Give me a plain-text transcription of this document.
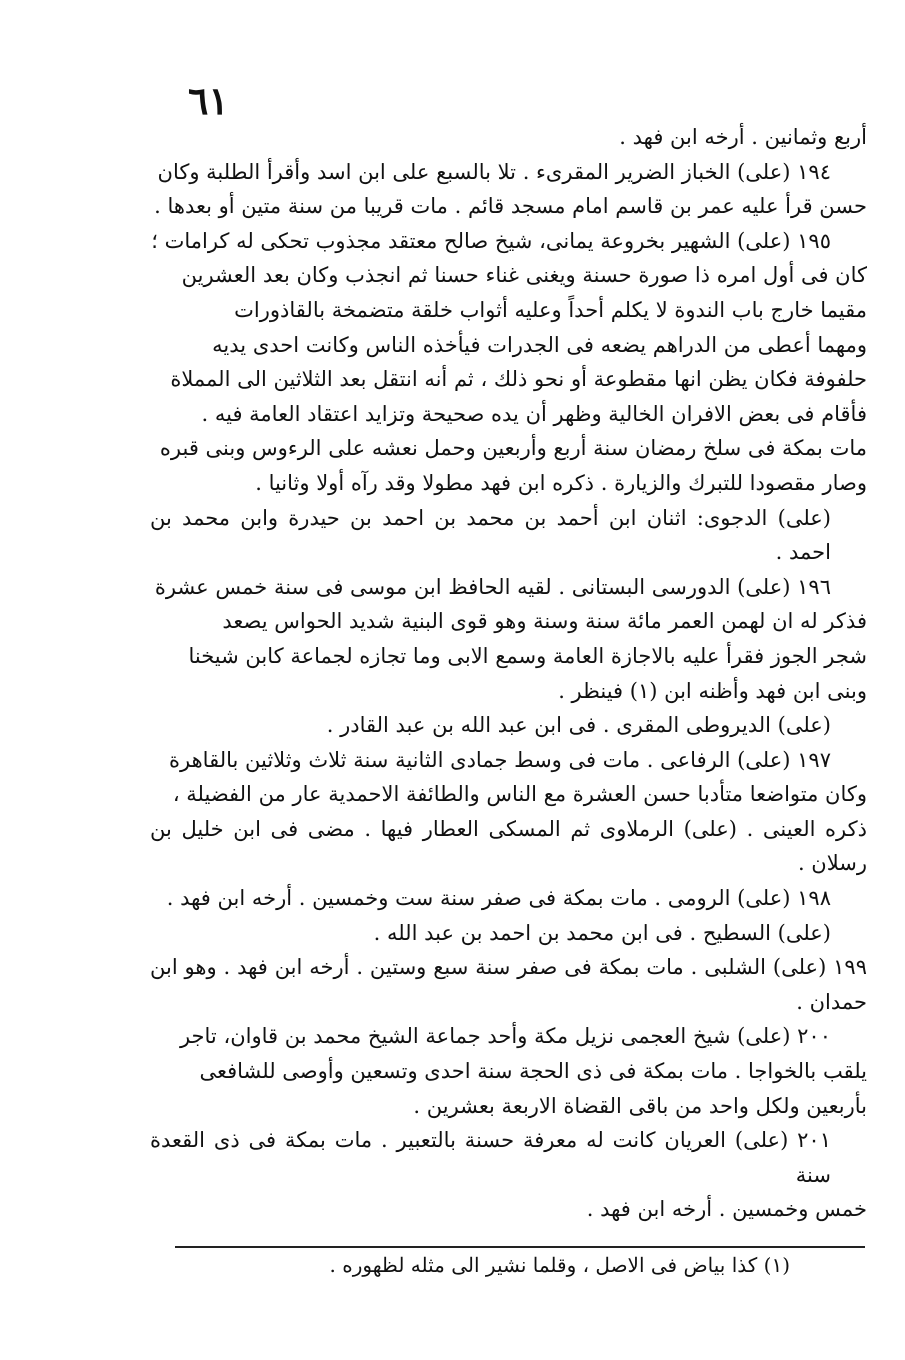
٦١

أربع وثمانين . أرخه ابن فهد .

١٩٤ (على) الخباز الضرير المقرىء . تلا بالسبع على ابن اسد وأقرأ الطلبة وكان

حسن قرأ عليه عمر بن قاسم امام مسجد قائم . مات قريبا من سنة متين أو بعدها .

١٩٥ (على) الشهير بخروعة يمانى، شيخ صالح معتقد مجذوب تحكى له كرامات ؛

كان فى أول امره ذا صورة حسنة ويغنى غناء حسنا ثم انجذب وكان بعد العشرين

مقيما خارج باب الندوة لا يكلم أحداً وعليه أثواب خلقة متضمخة بالقاذورات

ومهما أعطى من الدراهم يضعه فى الجدرات فيأخذه الناس وكانت احدى يديه

حلفوفة فكان يظن انها مقطوعة أو نحو ذلك ، ثم أنه انتقل بعد الثلاثين الى المملاة

فأقام فى بعض الافران الخالية وظهر أن يده صحيحة وتزايد اعتقاد العامة فيه .

مات بمكة فى سلخ رمضان سنة أربع وأربعين وحمل نعشه على الرءوس وبنى قبره

وصار مقصودا للتبرك والزيارة . ذكره ابن فهد مطولا وقد رآه أولا وثانيا .

(على) الدجوى: اثنان ابن أحمد بن محمد بن احمد بن حيدرة وابن محمد بن احمد .

١٩٦ (على) الدورسى البستانى . لقيه الحافظ ابن موسى فى سنة خمس عشرة

فذكر له ان لهمن العمر مائة سنة وسنة وهو قوى البنية شديد الحواس يصعد

شجر الجوز فقرأ عليه بالاجازة العامة وسمع الابى وما تجازه لجماعة كابن شيخنا

وبنى ابن فهد وأظنه ابن (١) فينظر .

(على) الديروطى المقرى . فى ابن عبد الله بن عبد القادر .

١٩٧ (على) الرفاعى . مات فى وسط جمادى الثانية سنة ثلاث وثلاثين بالقاهرة

وكان متواضعا متأدبا حسن العشرة مع الناس والطائفة الاحمدية عار من الفضيلة ،

ذكره العينى . (على) الرملاوى ثم المسكى العطار فيها . مضى فى ابن خليل بن رسلان .

١٩٨ (على) الرومى . مات بمكة فى صفر سنة ست وخمسين . أرخه ابن فهد .

(على) السطيح . فى ابن محمد بن احمد بن عبد الله .

١٩٩ (على) الشلبى . مات بمكة فى صفر سنة سبع وستين . أرخه ابن فهد . وهو ابن حمدان .

٢٠٠ (على) شيخ العجمى نزيل مكة وأحد جماعة الشيخ محمد بن قاوان، تاجر

يلقب بالخواجا . مات بمكة فى ذى الحجة سنة احدى وتسعين وأوصى للشافعى

بأربعين ولكل واحد من باقى القضاة الاربعة بعشرين .

٢٠١ (على) العريان كانت له معرفة حسنة بالتعبير . مات بمكة فى ذى القعدة سنة

خمس وخمسين . أرخه ابن فهد .

(١) كذا بياض فى الاصل ، وقلما نشير الى مثله لظهوره .
